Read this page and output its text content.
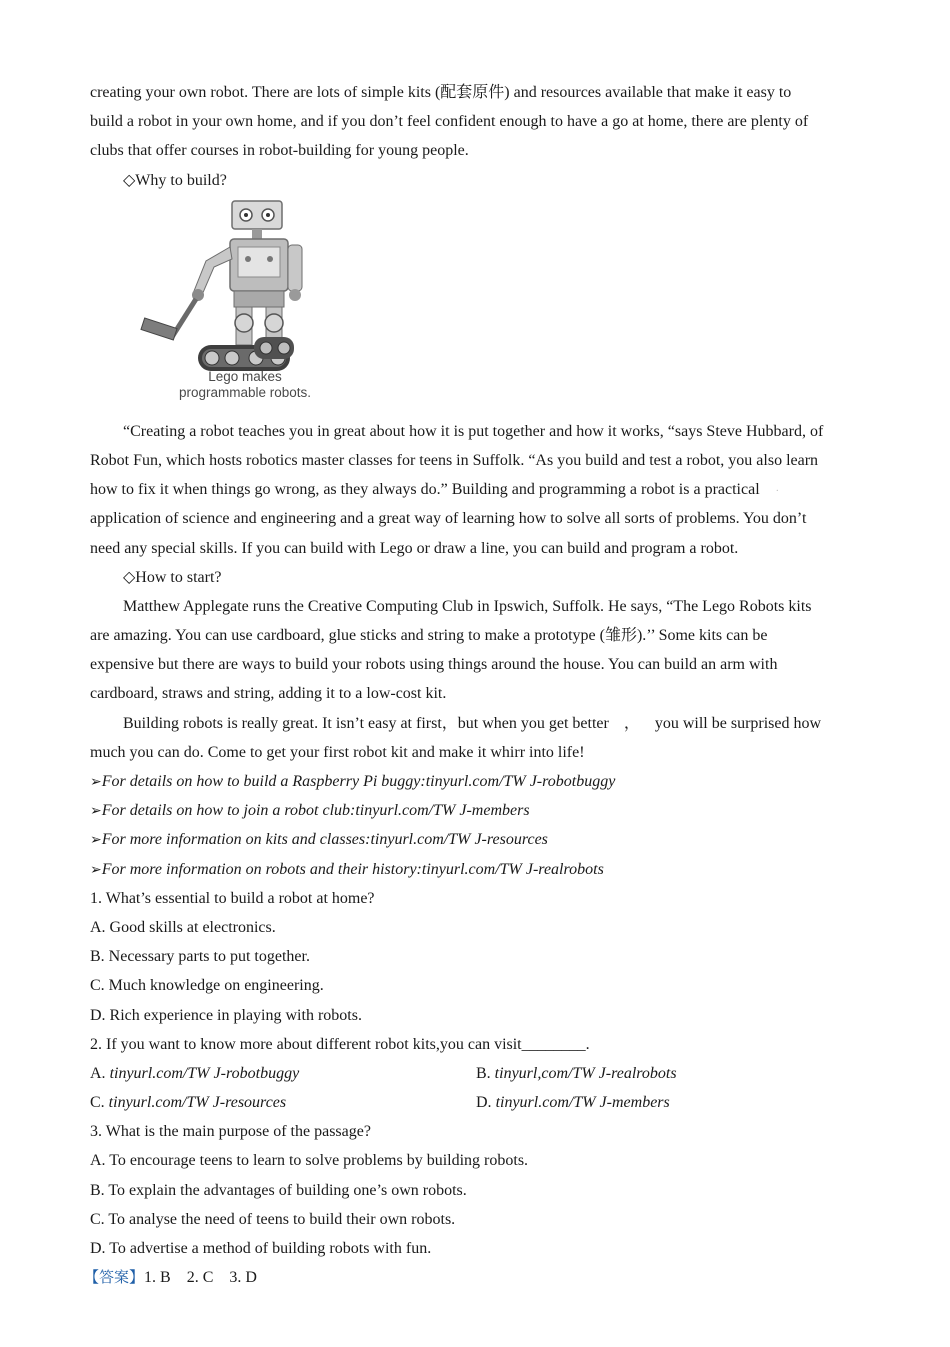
creating your own robot. There are lots of simple kits (配套原件) and resources available that make it easy to
build a robot in your own home, and if you don’t feel confident enough to have a go at home, there are plenty of
clubs that offer courses in robot-building for young people.
◇Why to build?
Lego makes
programmable robots.
“Creating a robot teaches you in great about how it is put together and how it works, “says Steve Hubbard, of
Robot Fun, which hosts robotics master classes for teens in Suffolk. “As you build and test a robot, you also learn
how to fix it when things go wrong, as they always do.” Building and programming a robot is a practical ·
application of science and engineering and a great way of learning how to solve all sorts of problems. You don’t
need any special skills. If you can build with Lego or draw a line, you can build and program a robot.
◇How to start?
Matthew Applegate runs the Creative Computing Club in Ipswich, Suffolk. He says, “The Lego Robots kits
are amazing. You can use cardboard, glue sticks and string to make a prototype (雏形).’’ Some kits can be
expensive but there are ways to build your robots using things around the house. You can build an arm with
cardboard, straws and string, adding it to a low-cost kit.
Building robots is really great. It isn’t easy at first，but when you get better ， you will be surprised how
much you can do. Come to get your first robot kit and make it whirr into life!
➢For details on how to build a Raspberry Pi buggy:tinyurl.com/TW J-robotbuggy
➢For details on how to join a robot club:tinyurl.com/TW J-members
➢For more information on kits and classes:tinyurl.com/TW J-resources
➢For more information on robots and their history:tinyurl.com/TW J-realrobots
1. What’s essential to build a robot at home?
A. Good skills at electronics.
B. Necessary parts to put together.
C. Much knowledge on engineering.
D. Rich experience in playing with robots.
2. If you want to know more about different robot kits,you can visit________.
A. tinyurl.com/TW J-robotbuggy	B. tinyurl,com/TW J-realrobots
C. tinyurl.com/TW J-resources	D. tinyurl.com/TW J-members
3. What is the main purpose of the passage?
A. To encourage teens to learn to solve problems by building robots.
B. To explain the advantages of building one’s own robots.
C. To analyse the need of teens to build their own robots.
D. To advertise a method of building robots with fun.
【答案】1. B    2. C    3. D
